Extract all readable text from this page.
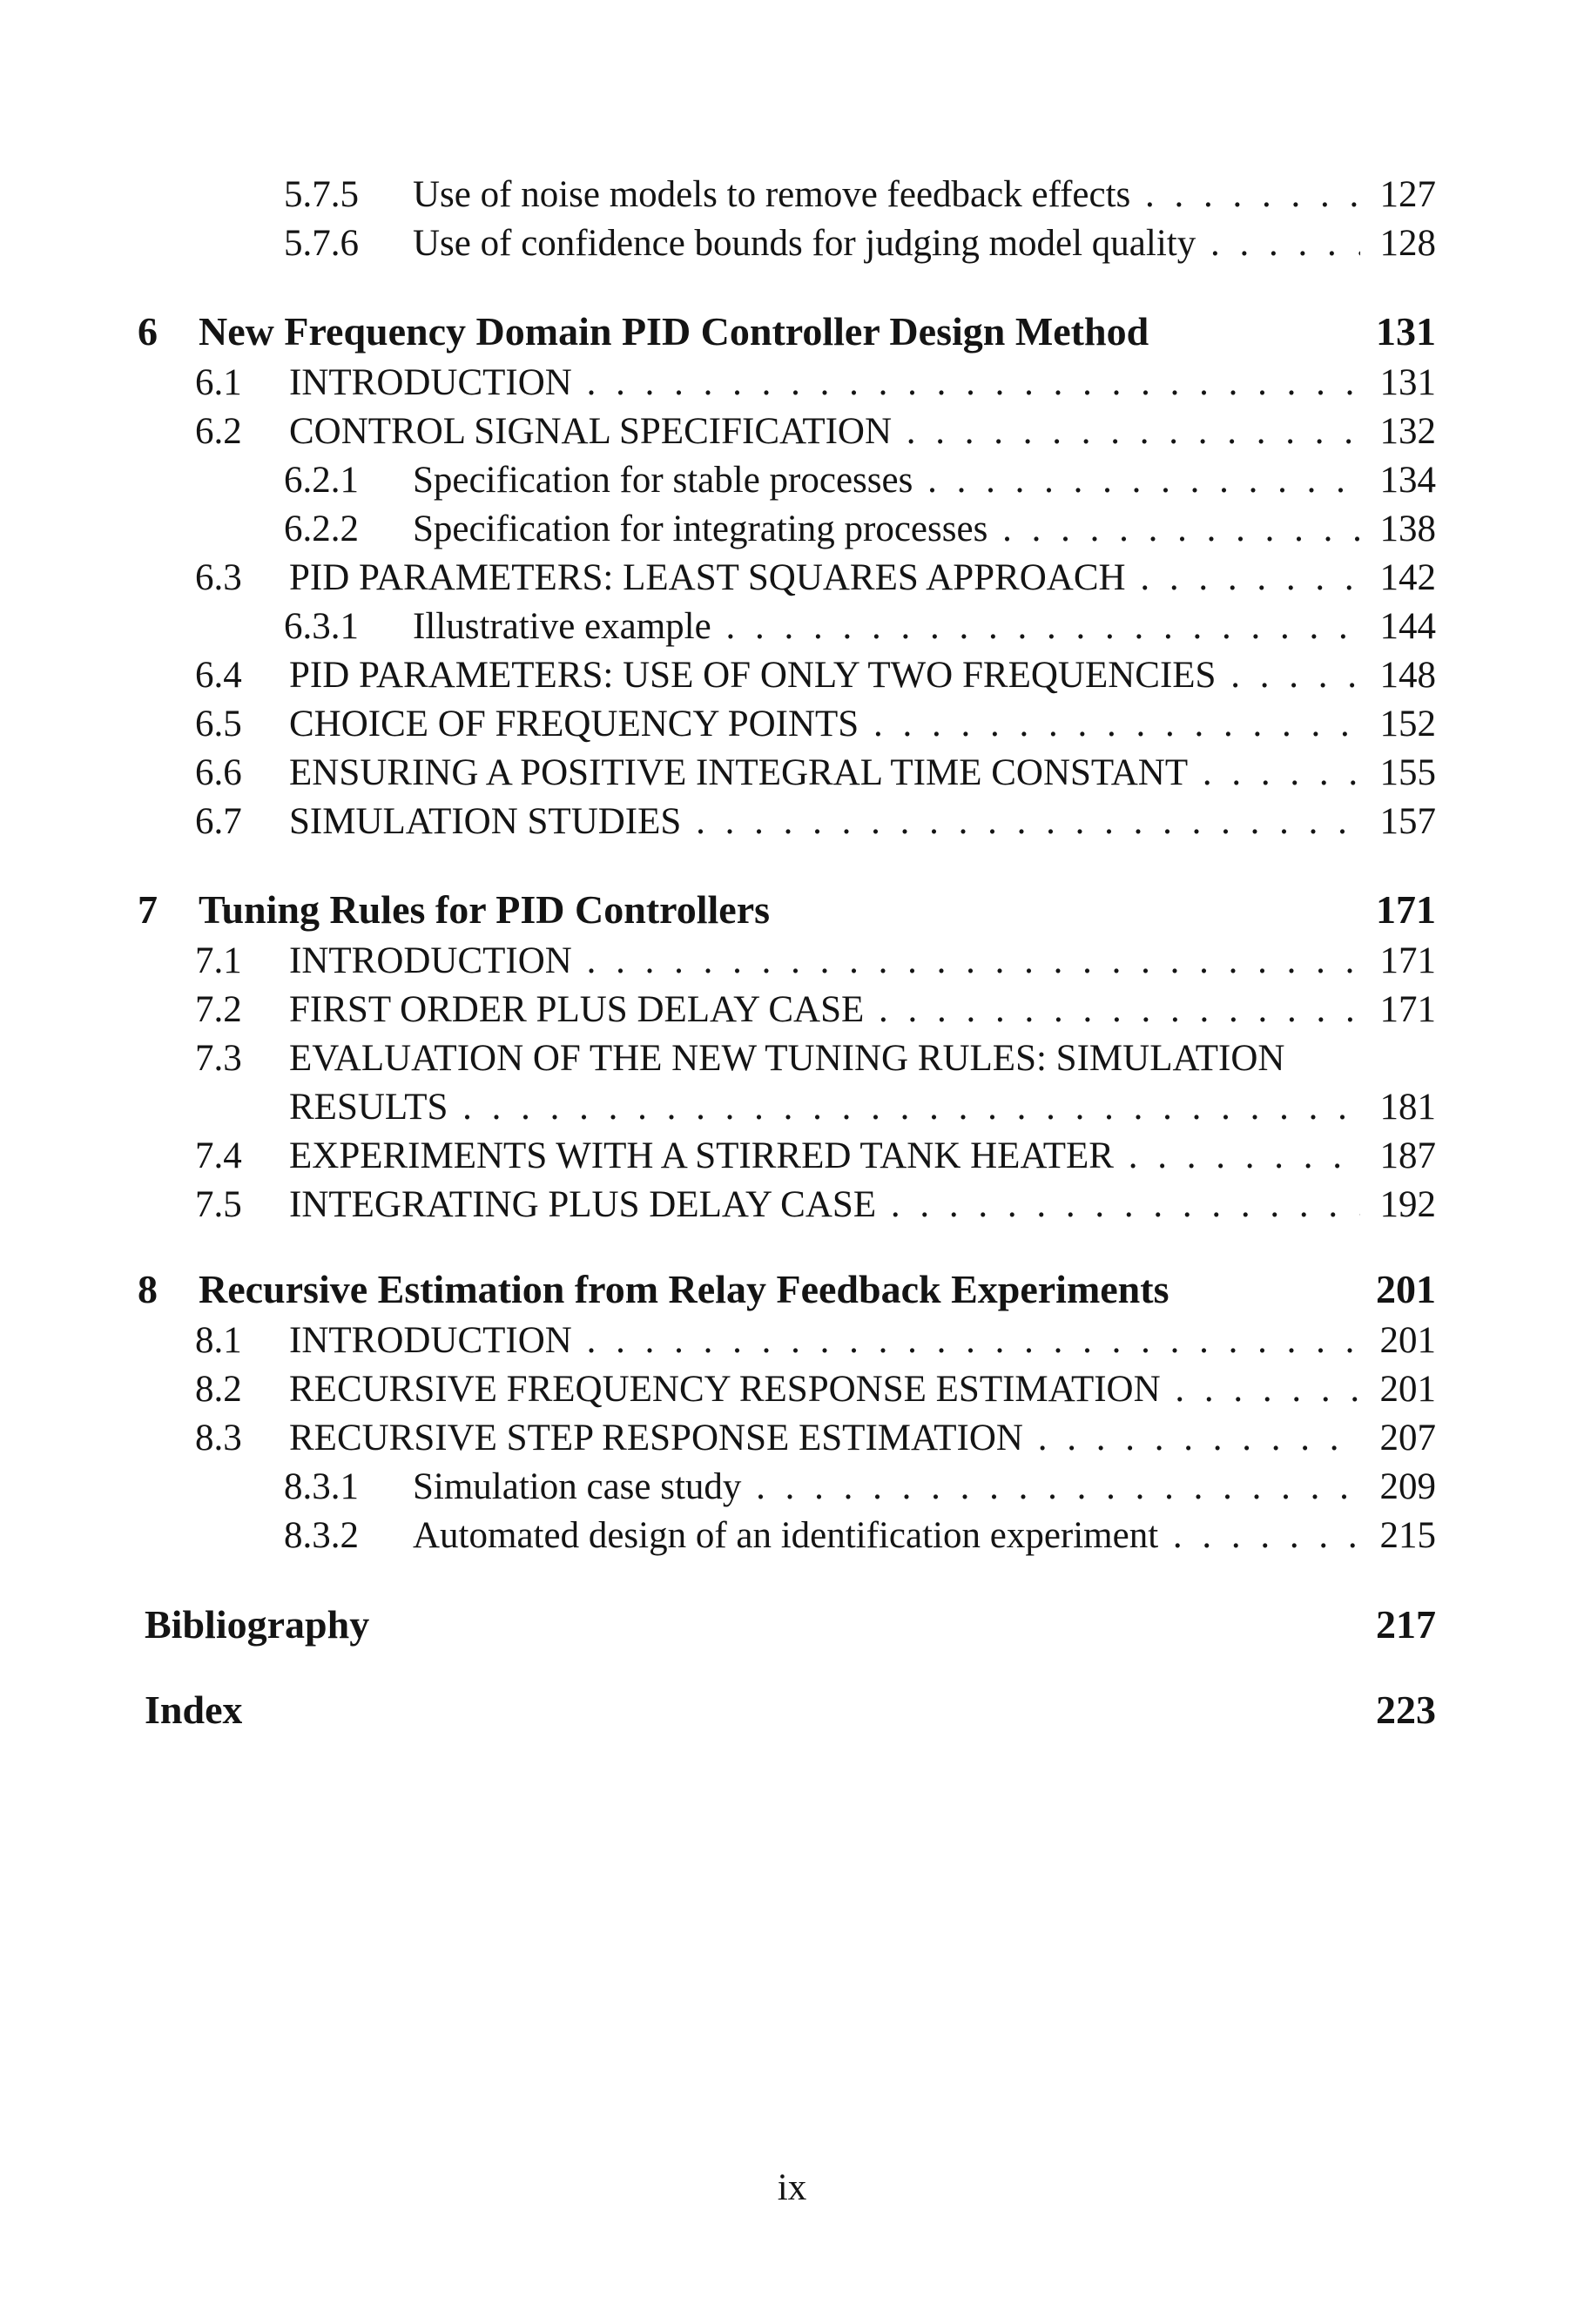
5.7.5 Use of noise models to remove feedback effects . . .	127
5.7.6 Use of confidence bounds for judging model quality . . .	128
6 New Frequency Domain PID Controller Design Method	131
6.1 INTRODUCTION . . .	131
6.2 CONTROL SIGNAL SPECIFICATION . . .	132
6.2.1 Specification for stable processes . . .	134
6.2.2 Specification for integrating processes . . .	138
6.3 PID PARAMETERS: LEAST SQUARES APPROACH . . .	142
6.3.1 Illustrative example . . .	144
6.4 PID PARAMETERS: USE OF ONLY TWO FREQUENCIES . . .	148
6.5 CHOICE OF FREQUENCY POINTS . . .	152
6.6 ENSURING A POSITIVE INTEGRAL TIME CONSTANT . . .	155
6.7 SIMULATION STUDIES . . .	157
7 Tuning Rules for PID Controllers	171
7.1 INTRODUCTION . . .	171
7.2 FIRST ORDER PLUS DELAY CASE . . .	171
7.3 EVALUATION OF THE NEW TUNING RULES: SIMULATION
RESULTS . . .	181
7.4 EXPERIMENTS WITH A STIRRED TANK HEATER . . .	187
7.5 INTEGRATING PLUS DELAY CASE . . .	192
8 Recursive Estimation from Relay Feedback Experiments	201
8.1 INTRODUCTION . . .	201
8.2 RECURSIVE FREQUENCY RESPONSE ESTIMATION . . .	201
8.3 RECURSIVE STEP RESPONSE ESTIMATION . . .	207
8.3.1 Simulation case study . . .	209
8.3.2 Automated design of an identification experiment . . .	215
Bibliography	217
Index	223
ix
